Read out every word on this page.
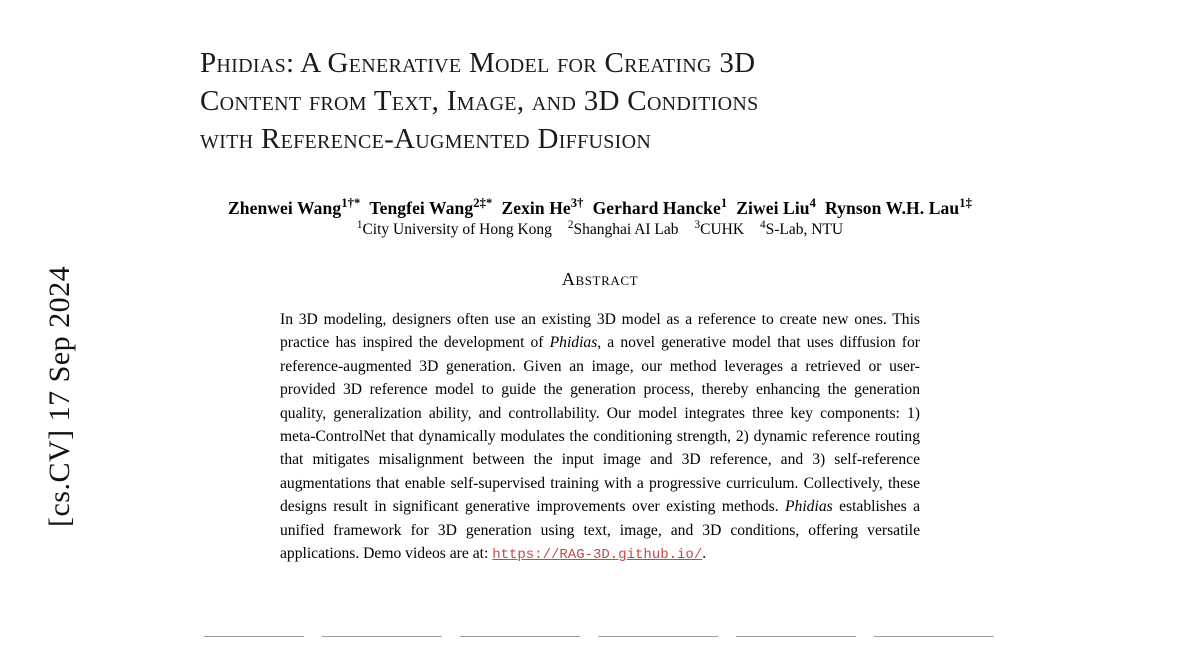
[cs.CV] 17 Sep 2024
Phidias: A Generative Model for Creating 3D
Content from Text, Image, and 3D Conditions
with Reference-Augmented Diffusion
Zhenwei Wang$^{1\dagger*}$ Tengfei Wang$^{2\ddagger*}$ Zexin $He^{3\dagger}$ Gerhard Hancke$^1$ Ziwei Liu$^4$ Rynson W.H. Lau$^{1\ddagger}$
$^1$City University of Hong Kong $^2$Shanghai AI Lab $^3$CUHK $^4$S-Lab, NTU
Abstract
In 3D modeling, designers often use an existing 3D model as a reference to create new ones. This practice has inspired the development of Phidias, a novel generative model that uses diffusion for reference-augmented 3D generation. Given an image, our method leverages a retrieved or user-provided 3D reference model to guide the generation process, thereby enhancing the generation quality, generalization ability, and controllability. Our model integrates three key components: 1) meta-ControlNet that dynamically modulates the conditioning strength, 2) dynamic reference routing that mitigates misalignment between the input image and 3D reference, and 3) self-reference augmentations that enable self-supervised training with a progressive curriculum. Collectively, these designs result in significant generative improvements over existing methods. Phidias establishes a unified framework for 3D generation using text, image, and 3D conditions, offering versatile applications. Demo videos are at: https://RAG-3D.github.io/.
